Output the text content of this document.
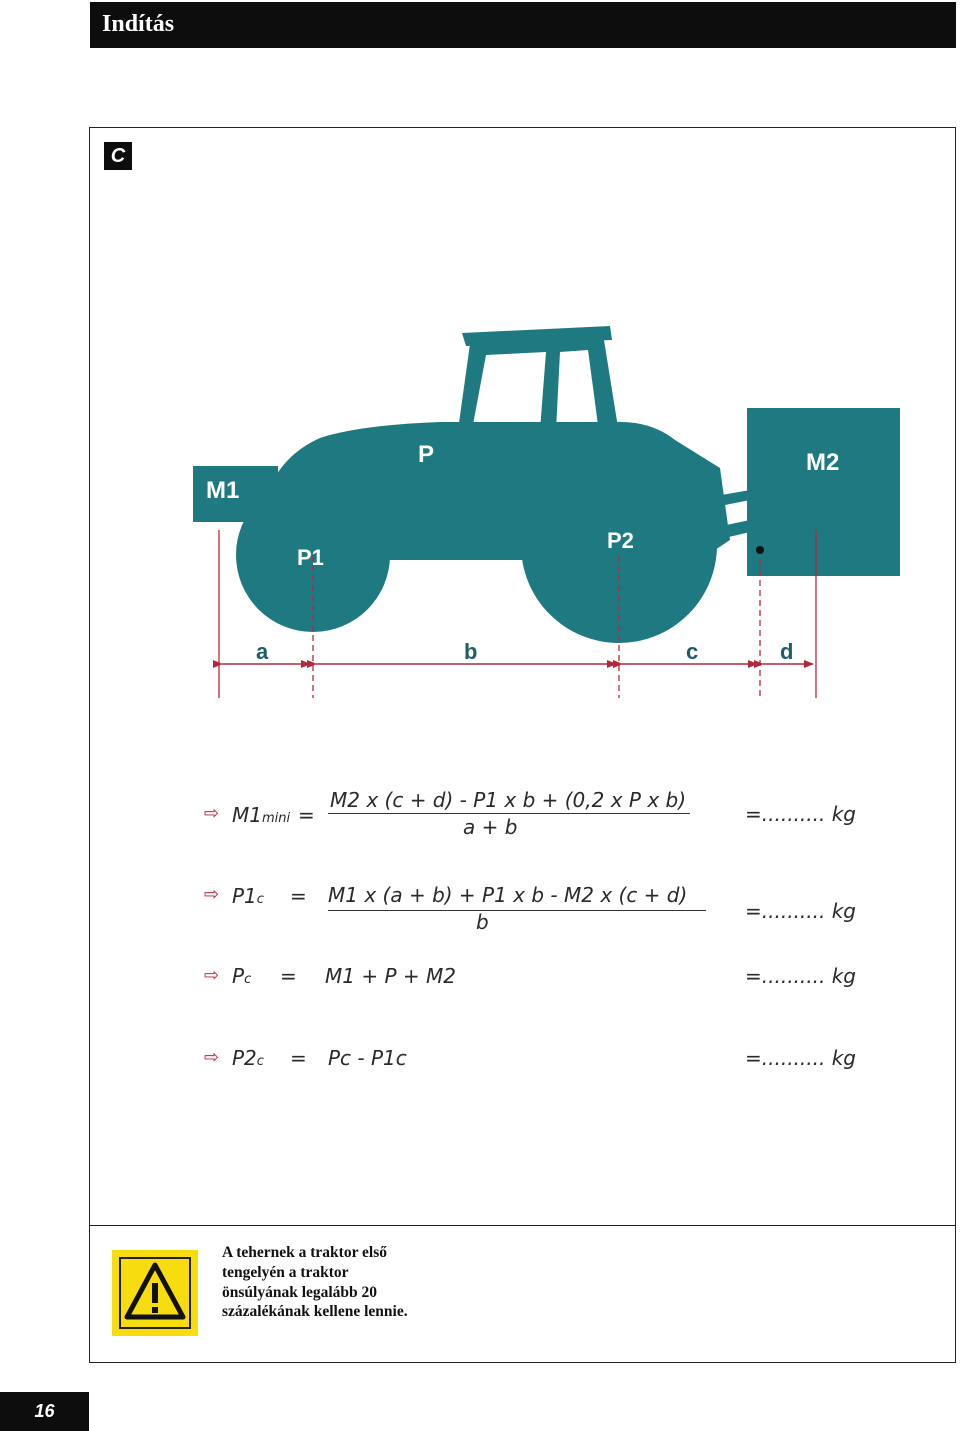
Indítás
C
M1
P	M2
P1
P2
a	b	c	d
⇨ M1mini =
M2 x (c + d) - P1 x b + (0,2 x P x b)
a + b
=.......... kg
⇨ P1c = M1 x (a + b) + P1 x b - M2 x (c + d)
b	=.......... kg
⇨ Pc = M1 + P + M2	=.......... kg
⇨ P2c = Pc - P1c	=.......... kg
A tehernek a traktor első tengelyén a traktor önsúlyának legalább 20 százalékának kellene lennie.
16
